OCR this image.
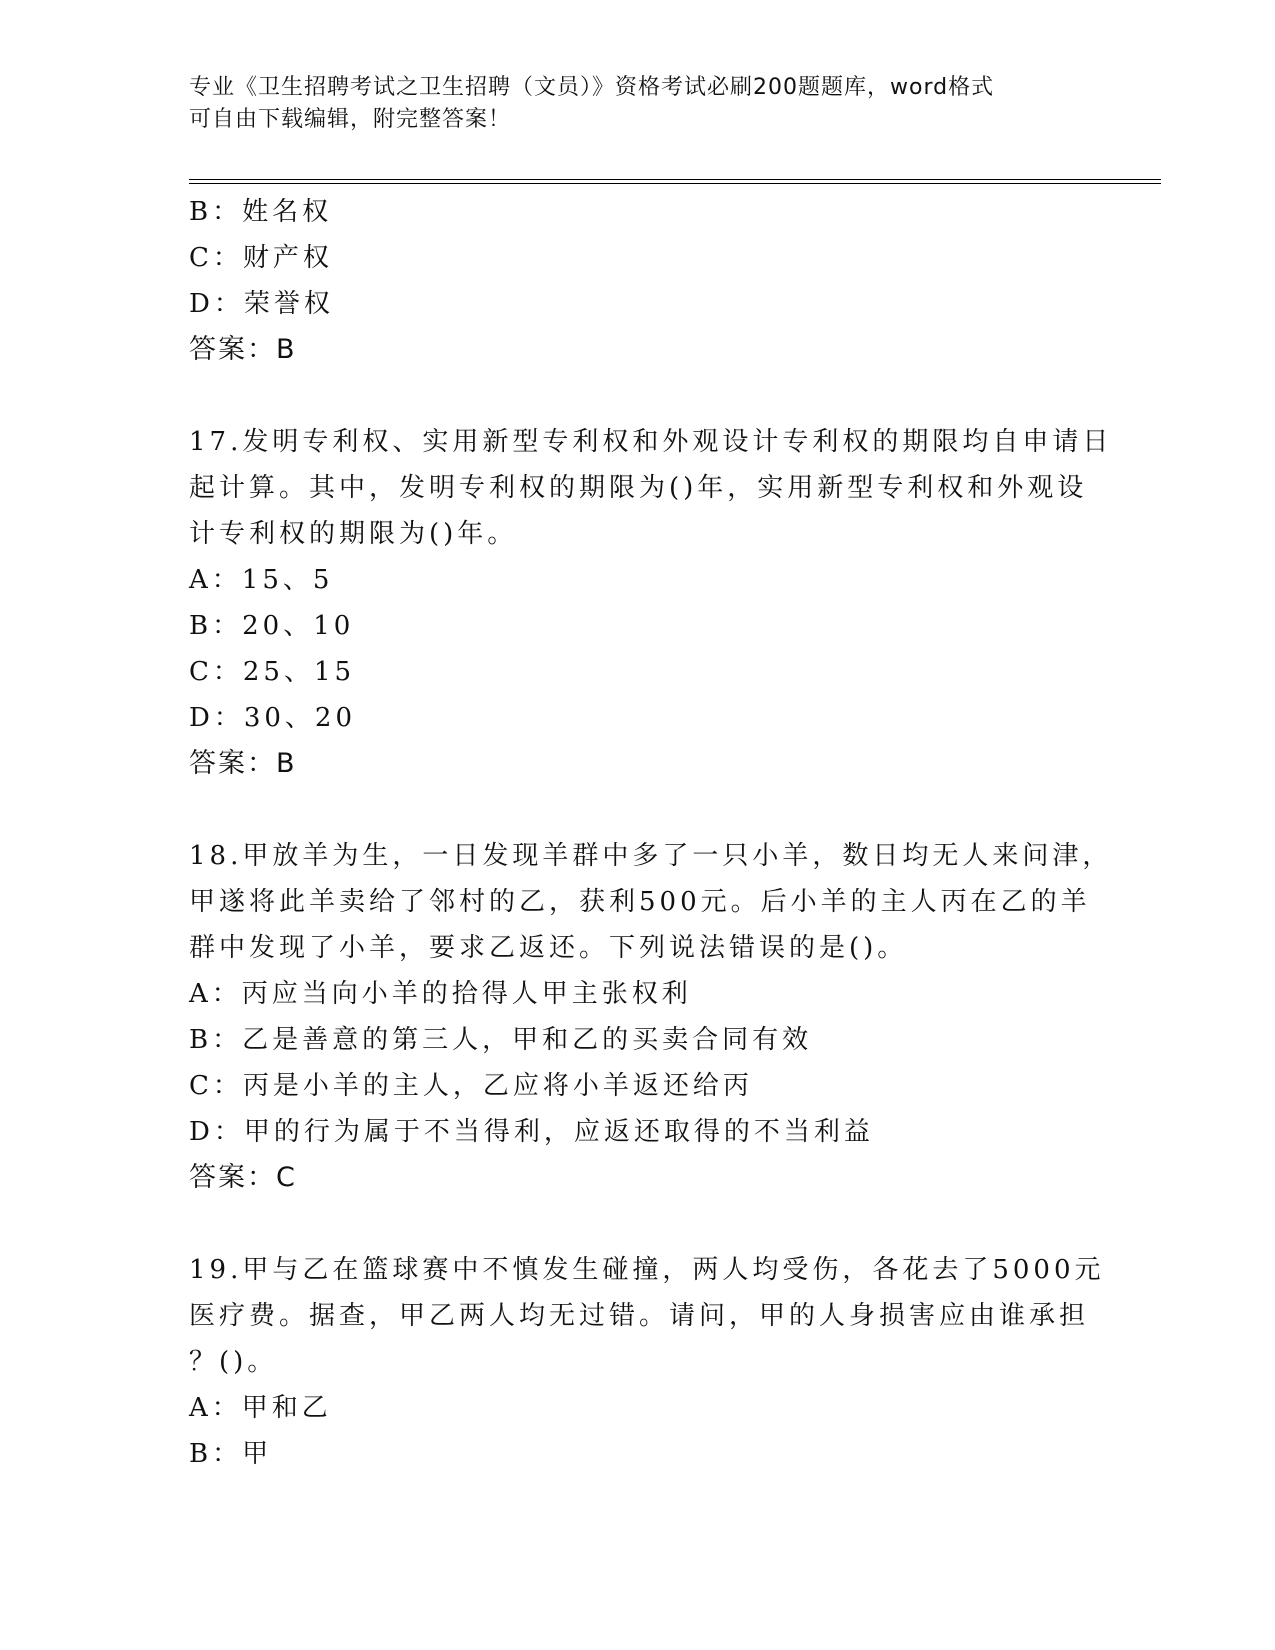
专业《卫生招聘考试之卫生招聘（文员）》资格考试必刷200题题库，word格式
可自由下载编辑，附完整答案！
B：姓名权
C：财产权
D：荣誉权
答案：B
17.发明专利权、实用新型专利权和外观设计专利权的期限均自申请日
起计算。其中，发明专利权的期限为()年，实用新型专利权和外观设
计专利权的期限为()年。
A：15、5
B：20、10
C：25、15
D：30、20
答案：B
18.甲放羊为生，一日发现羊群中多了一只小羊，数日均无人来问津，
甲遂将此羊卖给了邻村的乙，获利500元。后小羊的主人丙在乙的羊
群中发现了小羊，要求乙返还。下列说法错误的是()。
A：丙应当向小羊的拾得人甲主张权利
B：乙是善意的第三人，甲和乙的买卖合同有效
C：丙是小羊的主人，乙应将小羊返还给丙
D：甲的行为属于不当得利，应返还取得的不当利益
答案：C
19.甲与乙在篮球赛中不慎发生碰撞，两人均受伤，各花去了5000元
医疗费。据查，甲乙两人均无过错。请问，甲的人身损害应由谁承担
？()。
A：甲和乙
B：甲
